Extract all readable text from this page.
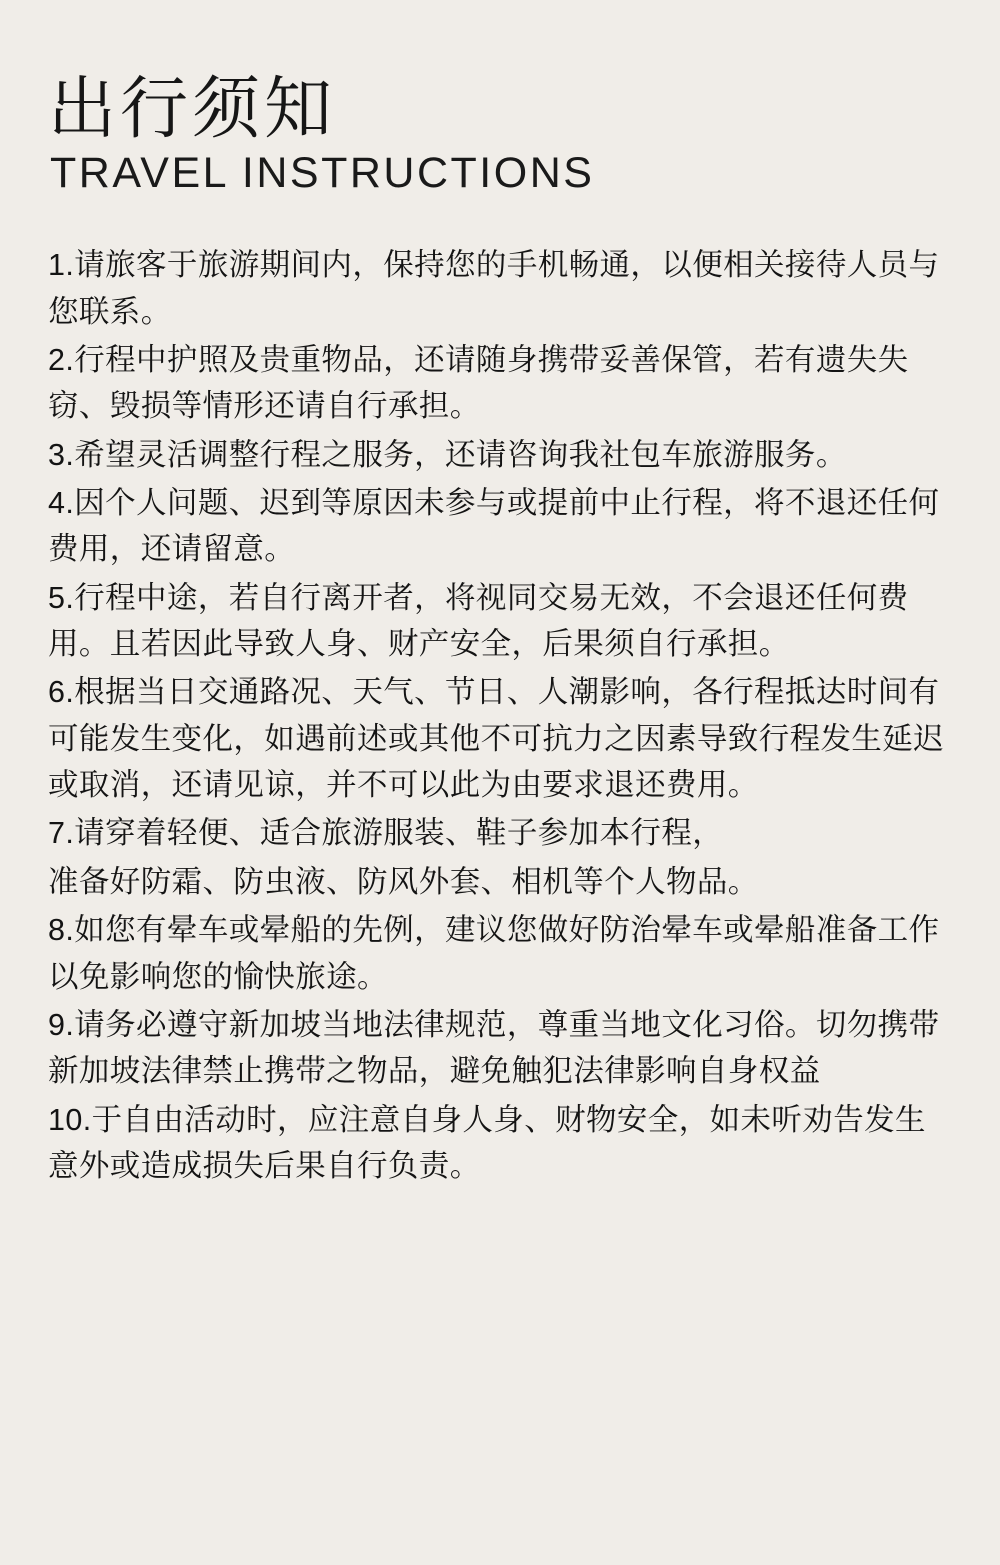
出行须知
TRAVEL INSTRUCTIONS
1.请旅客于旅游期间内，保持您的手机畅通，以便相关接待人员与您联系。
2.行程中护照及贵重物品，还请随身携带妥善保管，若有遗失失窃、毁损等情形还请自行承担。
3.希望灵活调整行程之服务，还请咨询我社包车旅游服务。
4.因个人问题、迟到等原因未参与或提前中止行程，将不退还任何费用，还请留意。
5.行程中途，若自行离开者，将视同交易无效，不会退还任何费用。且若因此导致人身、财产安全，后果须自行承担。
6.根据当日交通路况、天气、节日、人潮影响，各行程抵达时间有可能发生变化，如遇前述或其他不可抗力之因素导致行程发生延迟或取消，还请见谅，并不可以此为由要求退还费用。
7.请穿着轻便、适合旅游服装、鞋子参加本行程，
准备好防霜、防虫液、防风外套、相机等个人物品。
8.如您有晕车或晕船的先例，建议您做好防治晕车或晕船准备工作以免影响您的愉快旅途。
9.请务必遵守新加坡当地法律规范，尊重当地文化习俗。切勿携带新加坡法律禁止携带之物品，避免触犯法律影响自身权益
10.于自由活动时，应注意自身人身、财物安全，如未听劝告发生意外或造成损失后果自行负责。
